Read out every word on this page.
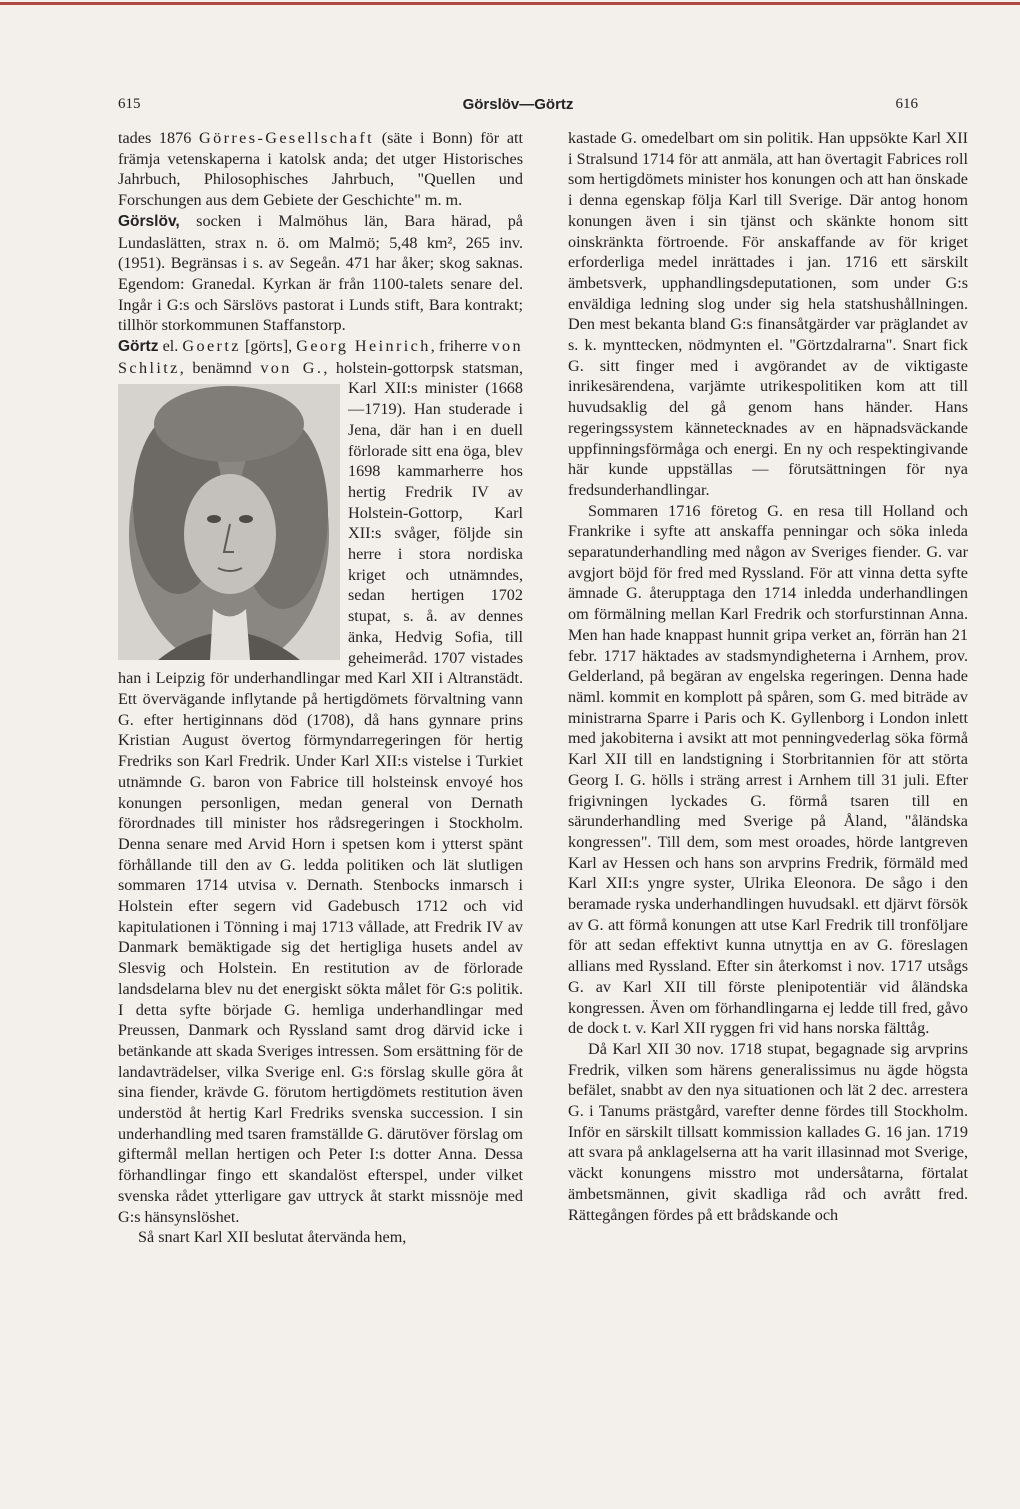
615	Görslöv—Görtz	616

tades 1876 Görres-Gesellschaft (säte i Bonn) för att främja vetenskaperna i katolsk anda; det utger Historisches Jahrbuch, Philosophisches Jahrbuch, "Quellen und Forschungen aus dem Gebiete der Geschichte" m. m.

Görslöv, socken i Malmöhus län, Bara härad, på Lundaslätten, strax n. ö. om Malmö; 5,48 km², 265 inv. (1951). Begränsas i s. av Segeån. 471 har åker; skog saknas. Egendom: Granedal. Kyrkan är från 1100-talets senare del. Ingår i G:s och Särslövs pastorat i Lunds stift, Bara kontrakt; tillhör storkommunen Staffanstorp.

Görtz el. Goertz [görts], Georg Heinrich, friherre von Schlitz, benämnd von G.
, holstein-gottorpsk statsman, Karl XII:s minister (1668—1719). Han studerade i Jena, där han i en duell förlorade sitt ena öga, blev 1698 kammarherre hos hertig Fredrik IV av Holstein-Gottorp, Karl XII:s svåger, följde sin herre i stora nordiska kriget och utnämndes, sedan hertigen 1702 stupat, s. å. av dennes änka, Hedvig Sofia, till geheimeråd. 1707 vistades han i Leipzig för underhandlingar med Karl XII i Altranstädt. Ett övervägande inflytande på hertigdömets förvaltning vann G. efter hertiginnans död (1708), då hans gynnare prins Kristian August övertog förmyndarregeringen för hertig Fredriks son Karl Fredrik. Under Karl XII:s vistelse i Turkiet utnämnde G. baron von Fabrice till holsteinsk envoyé hos konungen personligen, medan general von Dernath förordnades till minister hos rådsregeringen i Stockholm. Denna senare med Arvid Horn i spetsen kom i ytterst spänt förhållande till den av G. ledda politiken och lät slutligen sommaren 1714 utvisa v. Dernath. Stenbocks inmarsch i Holstein efter segern vid Gadebusch 1712 och vid kapitulationen i Tönning i maj 1713 vållade, att Fredrik IV av Danmark bemäktigade sig det hertigliga husets andel av Slesvig och Holstein. En restitution av de förlorade landsdelarna blev nu det energiskt sökta målet för G:s politik. I detta syfte började G. hemliga underhandlingar med Preussen, Danmark och Ryssland samt drog därvid icke i betänkande att skada Sveriges intressen. Som ersättning för de landavträdelser, vilka Sverige enl. G:s förslag skulle göra åt sina fiender, krävde G. förutom hertigdömets restitution även understöd åt hertig Karl Fredriks svenska succession. I sin underhandling med tsaren framställde G. därutöver förslag om giftermål mellan hertigen och Peter I:s dotter Anna. Dessa förhandlingar fingo ett skandalöst efterspel, under vilket svenska rådet ytterligare gav uttryck åt starkt missnöje med G:s hänsynslöshet.

Så snart Karl XII beslutat återvända hem,

kastade G. omedelbart om sin politik. Han uppsökte Karl XII i Stralsund 1714 för att anmäla, att han övertagit Fabrices roll som hertigdömets minister hos konungen och att han önskade i denna egenskap följa Karl till Sverige. Där antog honom konungen även i sin tjänst och skänkte honom sitt oinskränkta förtroende. För anskaffande av för kriget erforderliga medel inrättades i jan. 1716 ett särskilt ämbetsverk, upphandlingsdeputationen, som under G:s enväldiga ledning slog under sig hela statshushållningen. Den mest bekanta bland G:s finansåtgärder var präglandet av s. k. mynttecken, nödmynten el. "Görtzdalrarna". Snart fick G. sitt finger med i avgörandet av de viktigaste inrikesärendena, varjämte utrikespolitiken kom att till huvudsaklig del gå genom hans händer. Hans regeringssystem kännetecknades av en häpnadsväckande uppfinningsförmåga och energi. En ny och respektingivande här kunde uppställas — förutsättningen för nya fredsunderhandlingar.

Sommaren 1716 företog G. en resa till Holland och Frankrike i syfte att anskaffa penningar och söka inleda separatunderhandling med någon av Sveriges fiender. G. var avgjort böjd för fred med Ryssland. För att vinna detta syfte ämnade G. återupptaga den 1714 inledda underhandlingen om förmälning mellan Karl Fredrik och storfurstinnan Anna. Men han hade knappast hunnit gripa verket an, förrän han 21 febr. 1717 häktades av stadsmyndigheterna i Arnhem, prov. Gelderland, på begäran av engelska regeringen. Denna hade näml. kommit en komplott på spåren, som G. med biträde av ministrarna Sparre i Paris och K. Gyllenborg i London inlett med jakobiterna i avsikt att mot penningvederlag söka förmå Karl XII till en landstigning i Storbritannien för att störta Georg I. G. hölls i sträng arrest i Arnhem till 31 juli. Efter frigivningen lyckades G. förmå tsaren till en särunderhandling med Sverige på Åland, "åländska kongressen". Till dem, som mest oroades, hörde lantgreven Karl av Hessen och hans son arvprins Fredrik, förmäld med Karl XII:s yngre syster, Ulrika Eleonora. De sågo i den beramade ryska underhandlingen huvudsakl. ett djärvt försök av G. att förmå konungen att utse Karl Fredrik till tronföljare för att sedan effektivt kunna utnyttja en av G. föreslagen allians med Ryssland. Efter sin återkomst i nov. 1717 utsågs G. av Karl XII till förste plenipotentiär vid åländska kongressen. Även om förhandlingarna ej ledde till fred, gåvo de dock t. v. Karl XII ryggen fri vid hans norska fälttåg.

Då Karl XII 30 nov. 1718 stupat, begagnade sig arvprins Fredrik, vilken som härens generalissimus nu ägde högsta befälet, snabbt av den nya situationen och lät 2 dec. arrestera G. i Tanums prästgård, varefter denne fördes till Stockholm. Inför en särskilt tillsatt kommission kallades G. 16 jan. 1719 att svara på anklagelserna att ha varit illasinnad mot Sverige, väckt konungens misstro mot undersåtarna, förtalat ämbetsmännen, givit skadliga råd och avrått fred. Rättegången fördes på ett brådskande och
